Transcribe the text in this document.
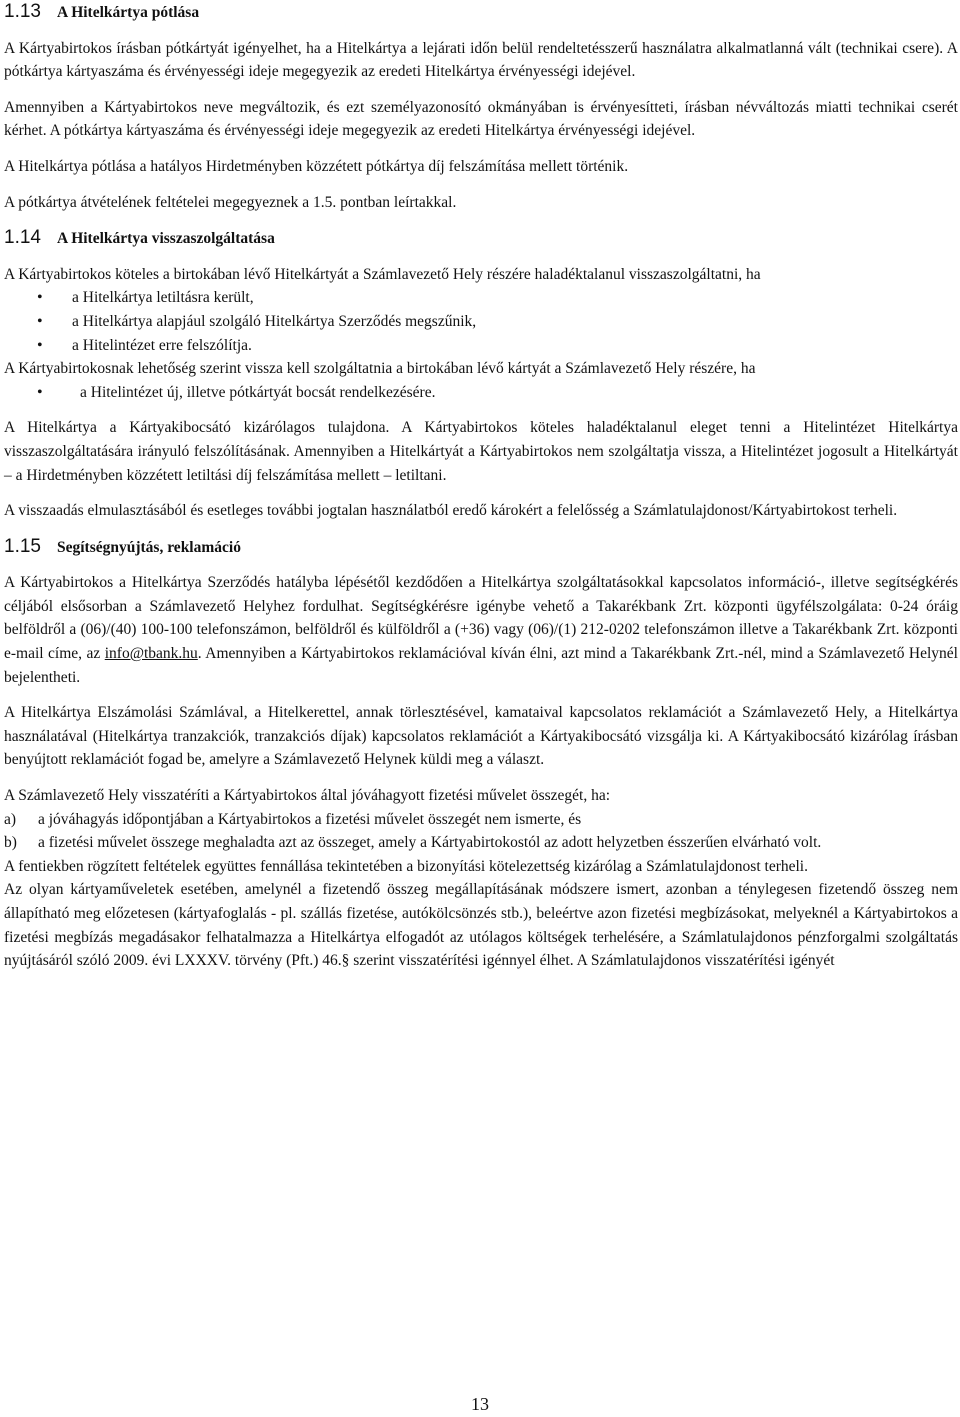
1.13 A Hitelkártya pótlása

A Kártyabirtokos írásban pótkártyát igényelhet, ha a Hitelkártya a lejárati időn belül rendeltetésszerű használatra alkalmatlanná vált (technikai csere). A pótkártya kártyaszáma és érvényességi ideje megegyezik az eredeti Hitelkártya érvényességi idejével.

Amennyiben a Kártyabirtokos neve megváltozik, és ezt személyazonosító okmányában is érvényesítteti, írásban névváltozás miatti technikai cserét kérhet. A pótkártya kártyaszáma és érvényességi ideje megegyezik az eredeti Hitelkártya érvényességi idejével.

A Hitelkártya pótlása a hatályos Hirdetményben közzétett pótkártya díj felszámítása mellett történik.

A pótkártya átvételének feltételei megegyeznek a 1.5. pontban leírtakkal.

1.14 A Hitelkártya visszaszolgáltatása

A Kártyabirtokos köteles a birtokában lévő Hitelkártyát a Számlavezető Hely részére haladéktalanul visszaszolgáltatni, ha

• a Hitelkártya letiltásra került,
• a Hitelkártya alapjául szolgáló Hitelkártya Szerződés megszűnik,
• a Hitelintézet erre felszólítja.

A Kártyabirtokosnak lehetőség szerint vissza kell szolgáltatnia a birtokában lévő kártyát a Számlavezető Hely részére, ha

• a Hitelintézet új, illetve pótkártyát bocsát rendelkezésére.

A Hitelkártya a Kártyakibocsátó kizárólagos tulajdona. A Kártyabirtokos köteles haladéktalanul eleget tenni a Hitelintézet Hitelkártya visszaszolgáltatására irányuló felszólításának. Amennyiben a Hitelkártyát a Kártyabirtokos nem szolgáltatja vissza, a Hitelintézet jogosult a Hitelkártyát – a Hirdetményben közzétett letiltási díj felszámítása mellett – letiltani.

A visszaadás elmulasztásából és esetleges további jogtalan használatból eredő károkért a felelősség a Számlatulajdonost/Kártyabirtokost terheli.

1.15 Segítségnyújtás, reklamáció

A Kártyabirtokos a Hitelkártya Szerződés hatályba lépésétől kezdődően a Hitelkártya szolgáltatásokkal kapcsolatos információ-, illetve segítségkérés céljából elsősorban a Számlavezető Helyhez fordulhat. Segítségkérésre igénybe vehető a Takarékbank Zrt. központi ügyfélszolgálata: 0-24 óráig belföldről a (06)/(40) 100-100 telefonszámon, belföldről és külföldről a (+36) vagy (06)/(1) 212-0202 telefonszámon illetve a Takarékbank Zrt. központi e-mail címe, az info@tbank.hu. Amennyiben a Kártyabirtokos reklamációval kíván élni, azt mind a Takarékbank Zrt.-nél, mind a Számlavezető Helynél bejelentheti.

A Hitelkártya Elszámolási Számlával, a Hitelkerettel, annak törlesztésével, kamataival kapcsolatos reklamációt a Számlavezető Hely, a Hitelkártya használatával (Hitelkártya tranzakciók, tranzakciós díjak) kapcsolatos reklamációt a Kártyakibocsátó vizsgálja ki. A Kártyakibocsátó kizárólag írásban benyújtott reklamációt fogad be, amelyre a Számlavezető Helynek küldi meg a választ.

A Számlavezető Hely visszatéríti a Kártyabirtokos által jóváhagyott fizetési művelet összegét, ha:

a)	a jóváhagyás időpontjában a Kártyabirtokos a fizetési művelet összegét nem ismerte, és
b)	a fizetési művelet összege meghaladta azt az összeget, amely a Kártyabirtokostól az adott helyzetben ésszerűen elvárható volt.

A fentiekben rögzített feltételek együttes fennállása tekintetében a bizonyítási kötelezettség kizárólag a Számlatulajdonost terheli.

Az olyan kártyaműveletek esetében, amelynél a fizetendő összeg megállapításának módszere ismert, azonban a ténylegesen fizetendő összeg nem állapítható meg előzetesen (kártyafoglalás - pl. szállás fizetése, autókölcsönzés stb.), beleértve azon fizetési megbízásokat, melyeknél a Kártyabirtokos a fizetési megbízás megadásakor felhatalmazza a Hitelkártya elfogadót az utólagos költségek terhelésére, a Számlatulajdonos pénzforgalmi szolgáltatás nyújtásáról szóló 2009. évi LXXXV. törvény (Pft.) 46.§ szerint visszatérítési igénnyel élhet. A Számlatulajdonos visszatérítési igényét

13
